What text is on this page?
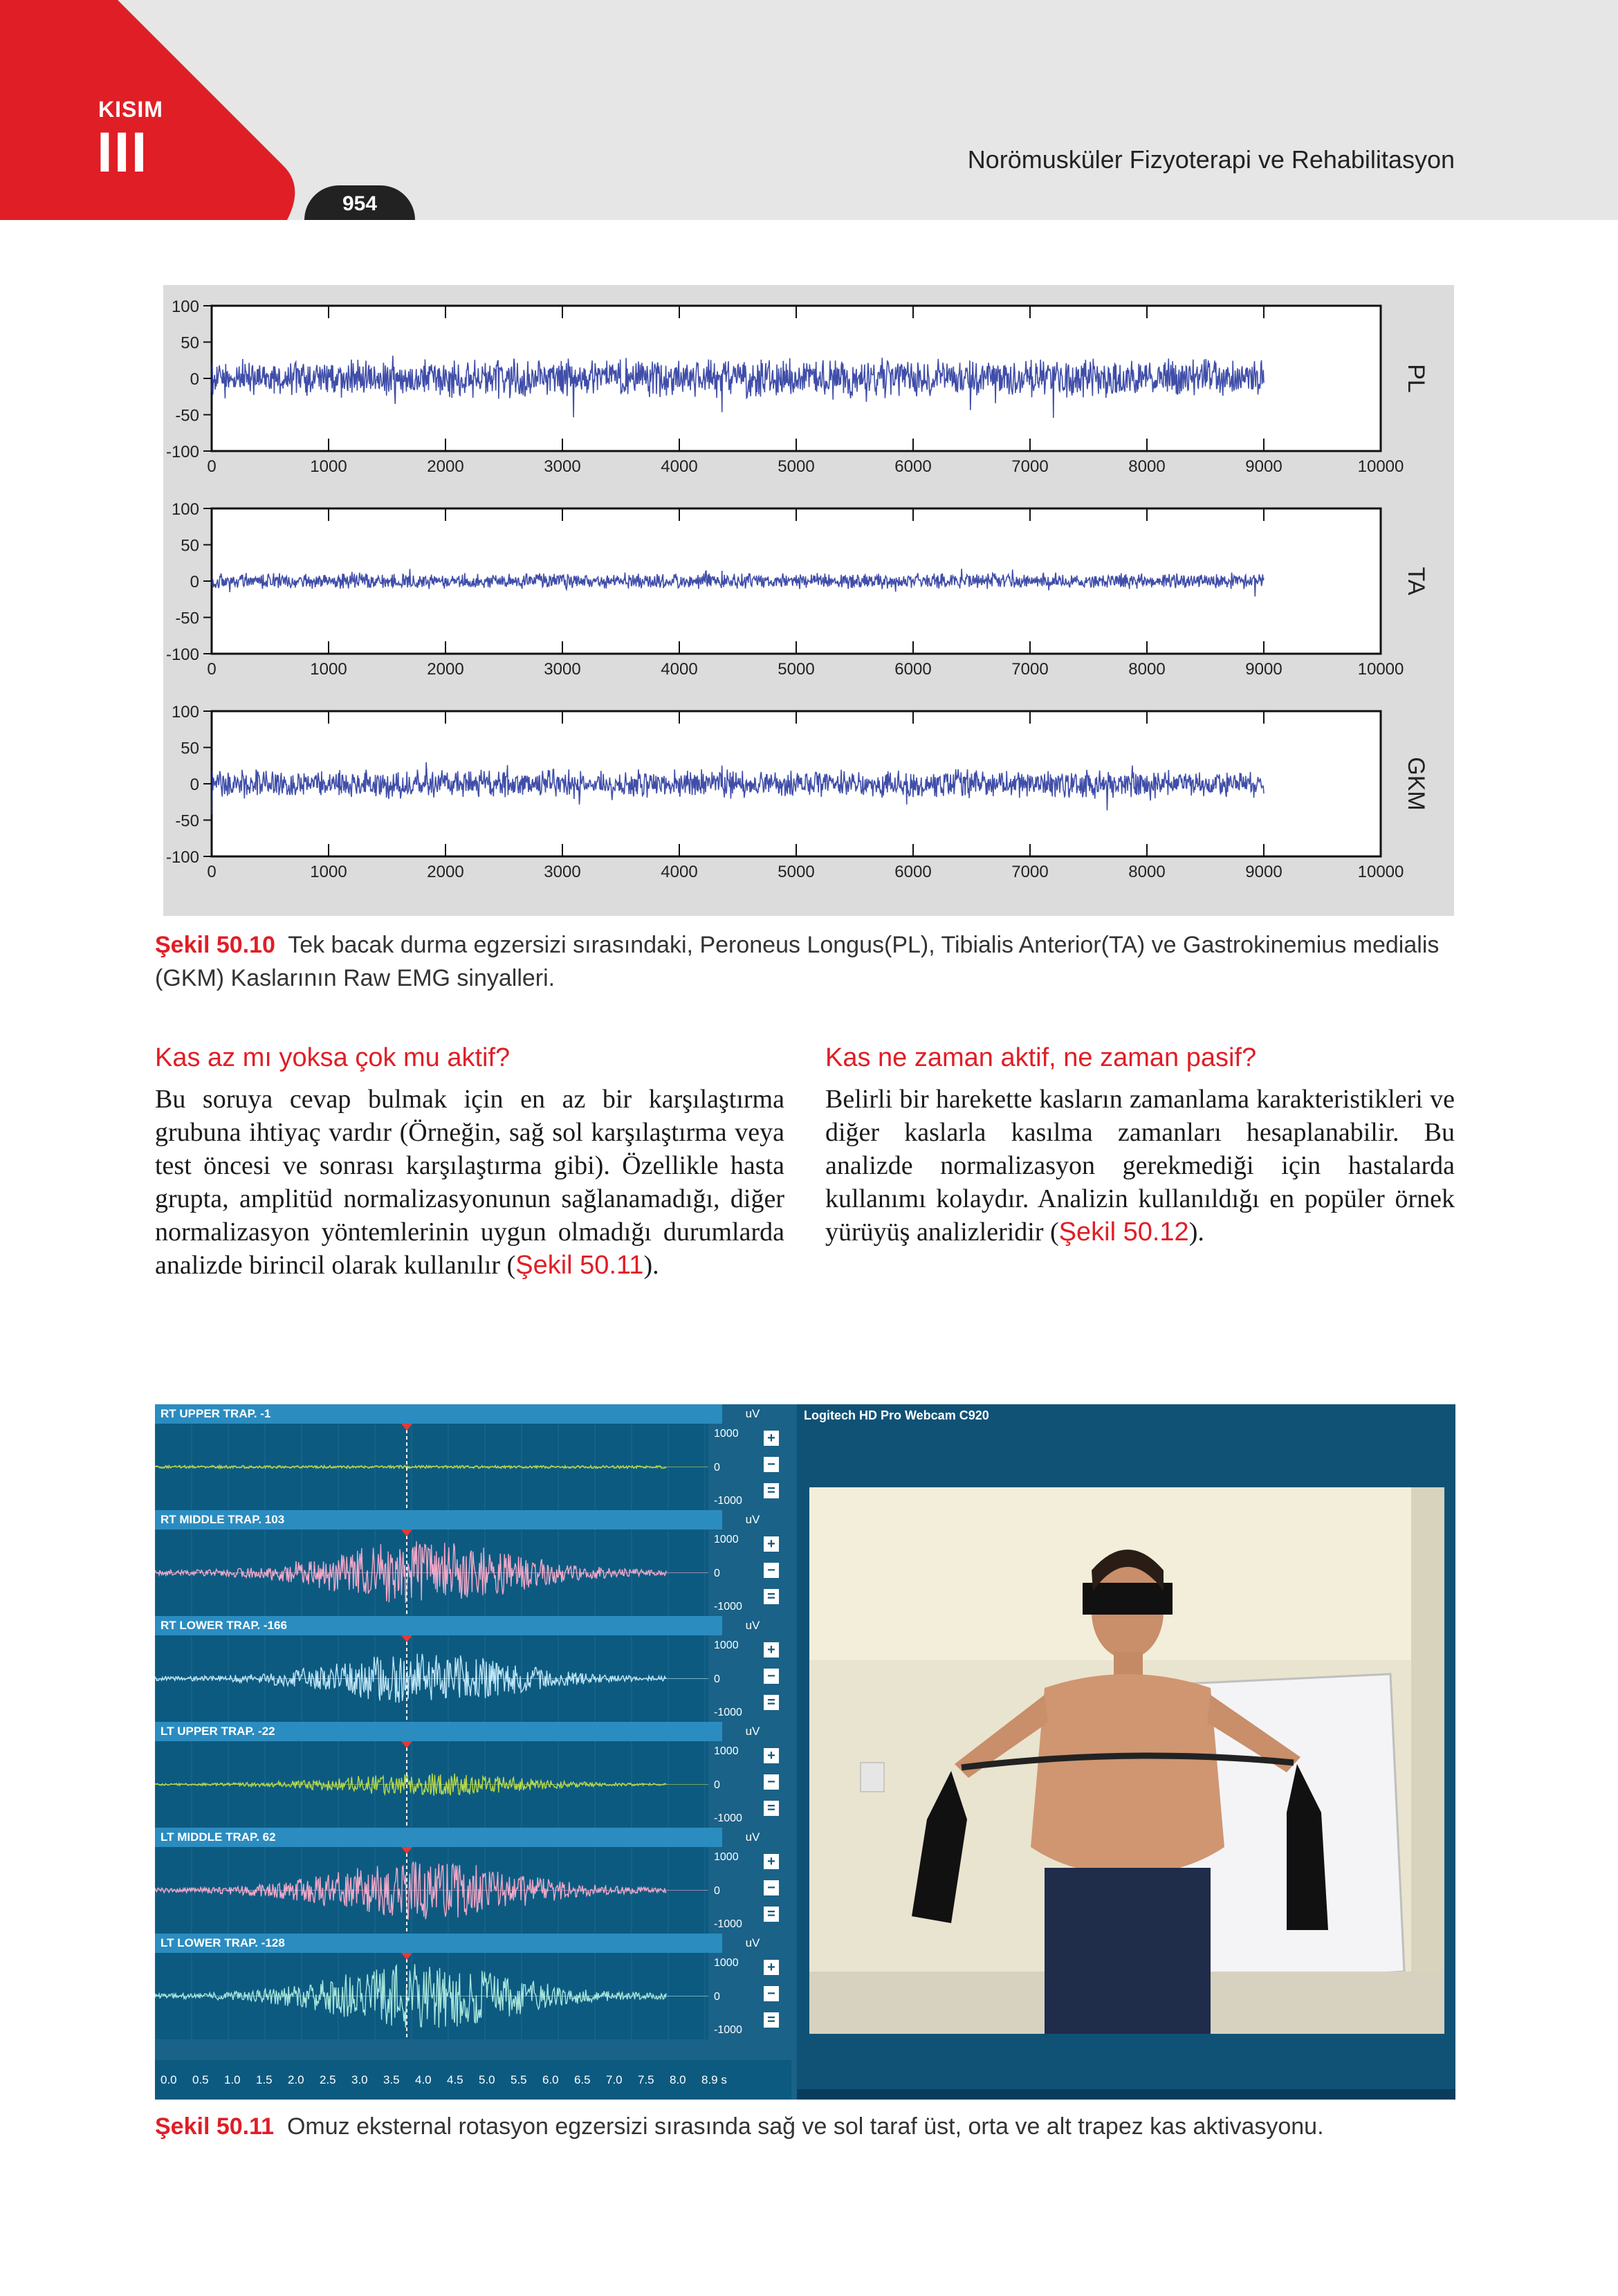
KISIM
III
954
Norömusküler Fizyoterapi ve Rehabilitasyon
100
50
0
-50
-100
0	1000	2000	3000	4000	5000	6000	7000	8000	9000	10000
PL
100
50
0
-50
-100
0	1000	2000	3000	4000	5000	6000	7000	8000	9000	10000
TA
100
50
0
-50
-100
0	1000	2000	3000	4000	5000	6000	7000	8000	9000	10000
GKM
Şekil 50.10 Tek bacak durma egzersizi sırasındaki, Peroneus Longus(PL), Tibialis Anterior(TA) ve Gastrokinemius medialis (GKM) Kaslarının Raw EMG sinyalleri.
Kas az mı yoksa çok mu aktif?

Bu soruya cevap bulmak için en az bir karşılaştırma grubuna ihtiyaç vardır (Örneğin, sağ sol karşılaştırma veya test öncesi ve sonrası karşılaştırma gibi). Özellikle hasta grupta, amplitüd normalizasyonunun sağlanamadığı, diğer normalizasyon yöntemlerinin uygun olmadığı durumlarda analizde birincil olarak kullanılır (Şekil 50.11).

Kas ne zaman aktif, ne zaman pasif?

Belirli bir harekette kasların zamanlama karakteristikleri ve diğer kaslarla kasılma zamanları hesaplanabilir. Bu analizde normalizasyon gerekmediği için hastalarda kullanımı kolaydır. Analizin kullanıldığı en popüler örnek yürüyüş analizleridir (Şekil 50.12).

RT UPPER TRAP. -1	uV
1000
0
-1000
+
−
=
RT MIDDLE TRAP. 103	uV
1000
0
-1000
+
−
=
RT LOWER TRAP. -166	uV
1000
0
-1000
+
−
=
LT UPPER TRAP. -22	uV
1000
0
-1000
+
−
=
LT MIDDLE TRAP. 62	uV
1000
0
-1000
+
−
=
LT LOWER TRAP. -128	uV
1000
0
-1000
+
−
=
0.0 0.5 1.0 1.5 2.0 2.5 3.0 3.5 4.0 4.5 5.0 5.5 6.0 6.5 7.0 7.5 8.0 8.9 s
Logitech HD Pro Webcam C920
Şekil 50.11 Omuz eksternal rotasyon egzersizi sırasında sağ ve sol taraf üst, orta ve alt trapez kas aktivasyonu.
